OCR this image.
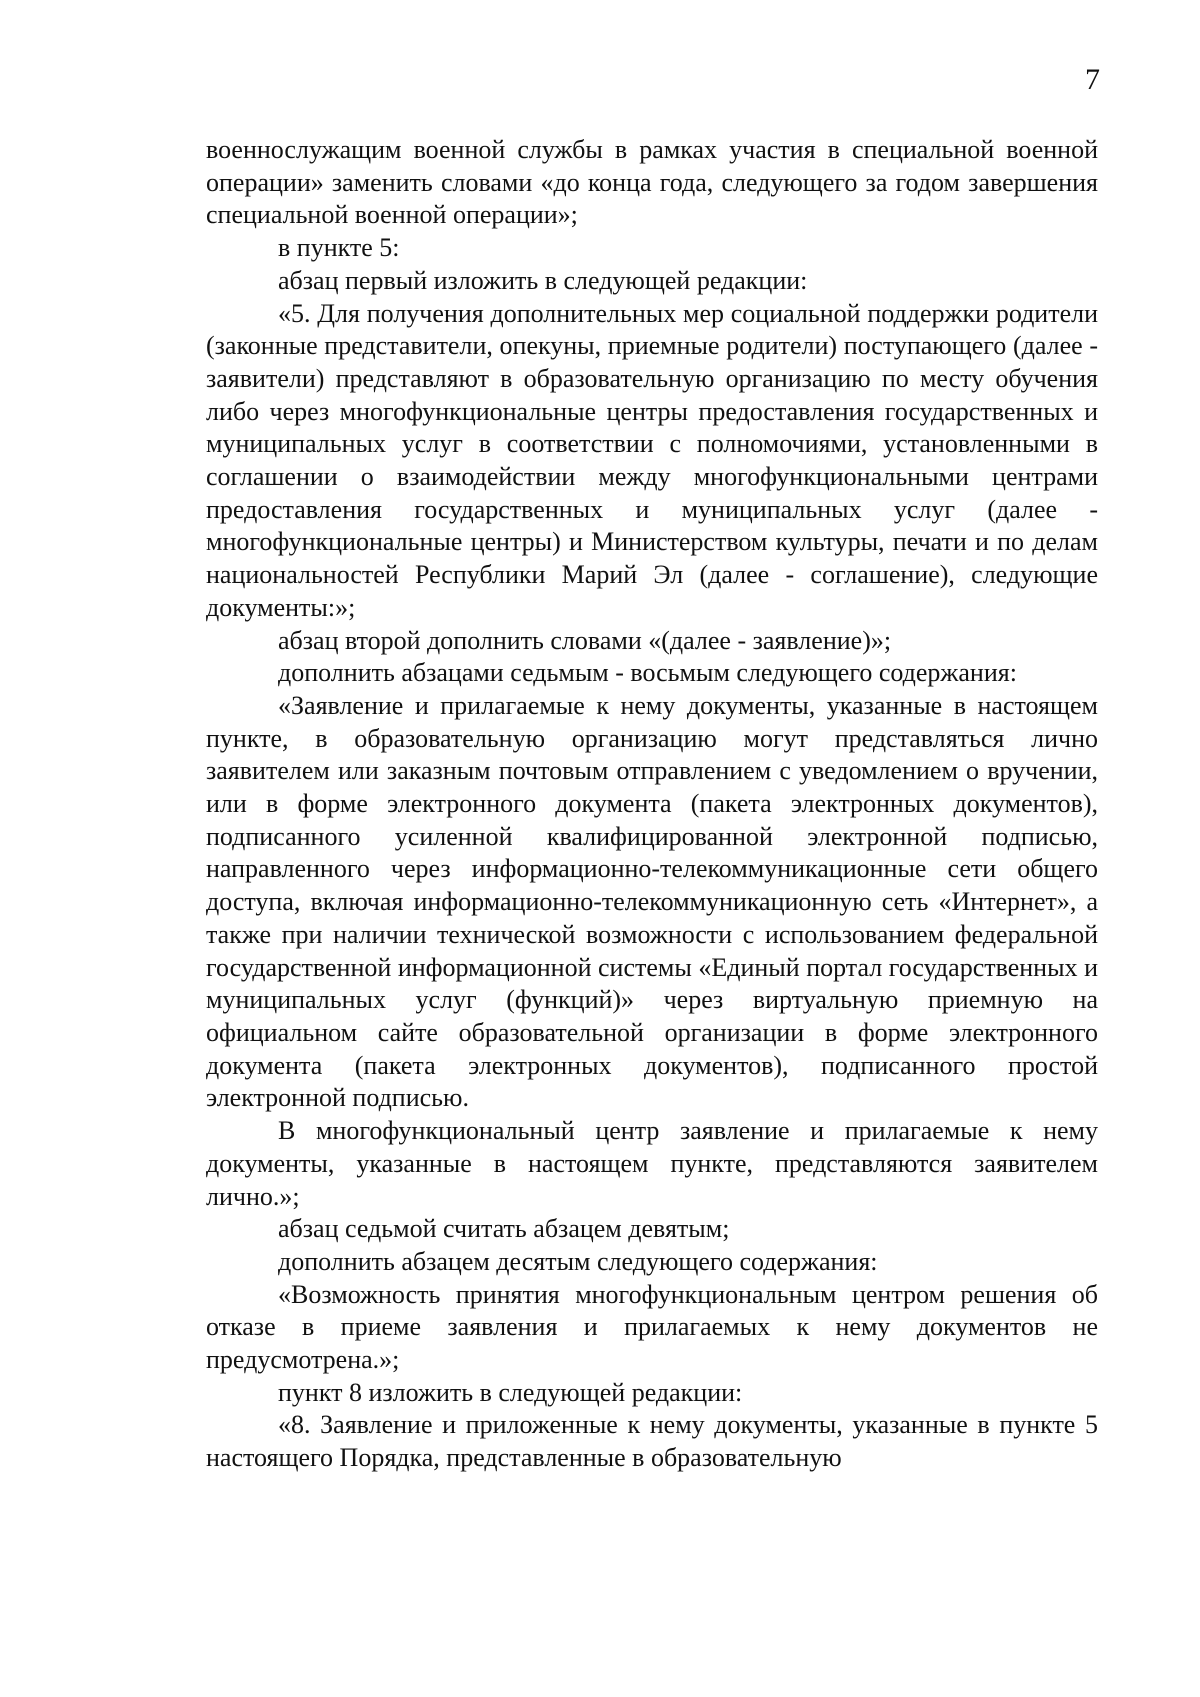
7

военнослужащим военной службы в рамках участия в специальной военной операции» заменить словами «до конца года, следующего за годом завершения специальной военной операции»;

в пункте 5:

абзац первый изложить в следующей редакции:

«5. Для получения дополнительных мер социальной поддержки родители (законные представители, опекуны, приемные родители) поступающего (далее - заявители) представляют в образовательную организацию по месту обучения либо через многофункциональные центры предоставления государственных и муниципальных услуг в соответствии с полномочиями, установленными в соглашении о взаимодействии между многофункциональными центрами предоставления государственных и муниципальных услуг (далее - многофункциональные центры) и Министерством культуры, печати и по делам национальностей Республики Марий Эл (далее - соглашение), следующие документы:»;

абзац второй дополнить словами «(далее - заявление)»;

дополнить абзацами седьмым - восьмым следующего содержания:

«Заявление и прилагаемые к нему документы, указанные в настоящем пункте, в образовательную организацию могут представляться лично заявителем или заказным почтовым отправлением с уведомлением о вручении, или в форме электронного документа (пакета электронных документов), подписанного усиленной квалифицированной электронной подписью, направленного через информационно-телекоммуникационные сети общего доступа, включая информационно-телекоммуникационную сеть «Интернет», а также при наличии технической возможности с использованием федеральной государственной информационной системы «Единый портал государственных и муниципальных услуг (функций)» через виртуальную приемную на официальном сайте образовательной организации в форме электронного документа (пакета электронных документов), подписанного простой электронной подписью.

В многофункциональный центр заявление и прилагаемые к нему документы, указанные в настоящем пункте, представляются заявителем лично.»;

абзац седьмой считать абзацем девятым;

дополнить абзацем десятым следующего содержания:

«Возможность принятия многофункциональным центром решения об отказе в приеме заявления и прилагаемых к нему документов не предусмотрена.»;

пункт 8 изложить в следующей редакции:

«8. Заявление и приложенные к нему документы, указанные в пункте 5 настоящего Порядка, представленные в образовательную
